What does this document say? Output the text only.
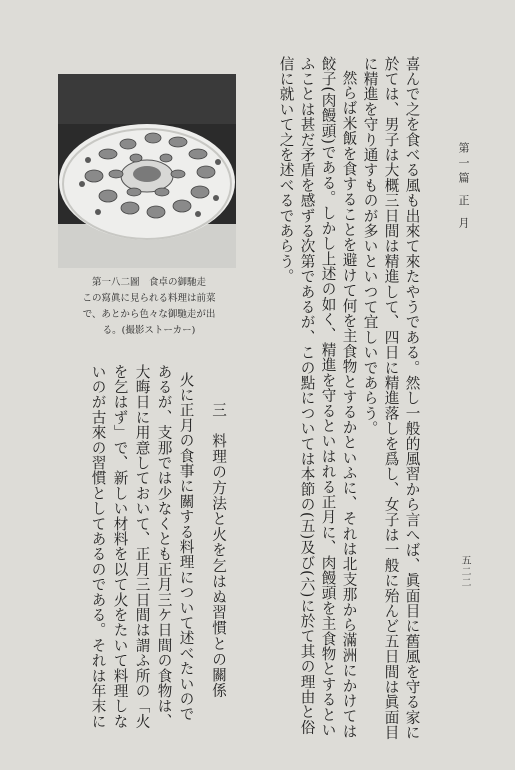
第一篇 正 月
喜んで之を食べる風も出來て來たやうである。然し一般的風習から言へば、眞面目に舊風を守る家に
於ては、男子は大概三日間は精進して、四日に精進落しを爲し、女子は一般に殆んど五日間は眞面目
に精進を守り通すものが多いといつて宜しいであらう。
然らば米飯を食することを避けて何を主食物とするかといふに、それは北支那から滿洲にかけては
餃子(肉饅頭)である。しかし上述の如く、精進を守るといはれる正月に、肉饅頭を主食物とするとい
ふことは甚だ矛盾を感ずる次第であるが、この點については本節の(五)及び(六)に於て其の理由と俗
信に就いて之を述べるであらう。
第一八二圖　食卓の御馳走
この寫眞に見られる料理は前菜
で、あとから色々な御馳走が出
る。(撮影ストーカー)
三　料理の方法と火を乞はぬ習慣との關係
火に正月の食事に關する料理について述べたいので
あるが、支那では少なくとも正月三ケ日間の食物は、
大晦日に用意しておいて、正月三日間は謂ふ所の「火
を乞はず」で、新しい材料を以て火をたいて料理しな
いのが古來の習慣としてあるのである。それは年末に	五二二
